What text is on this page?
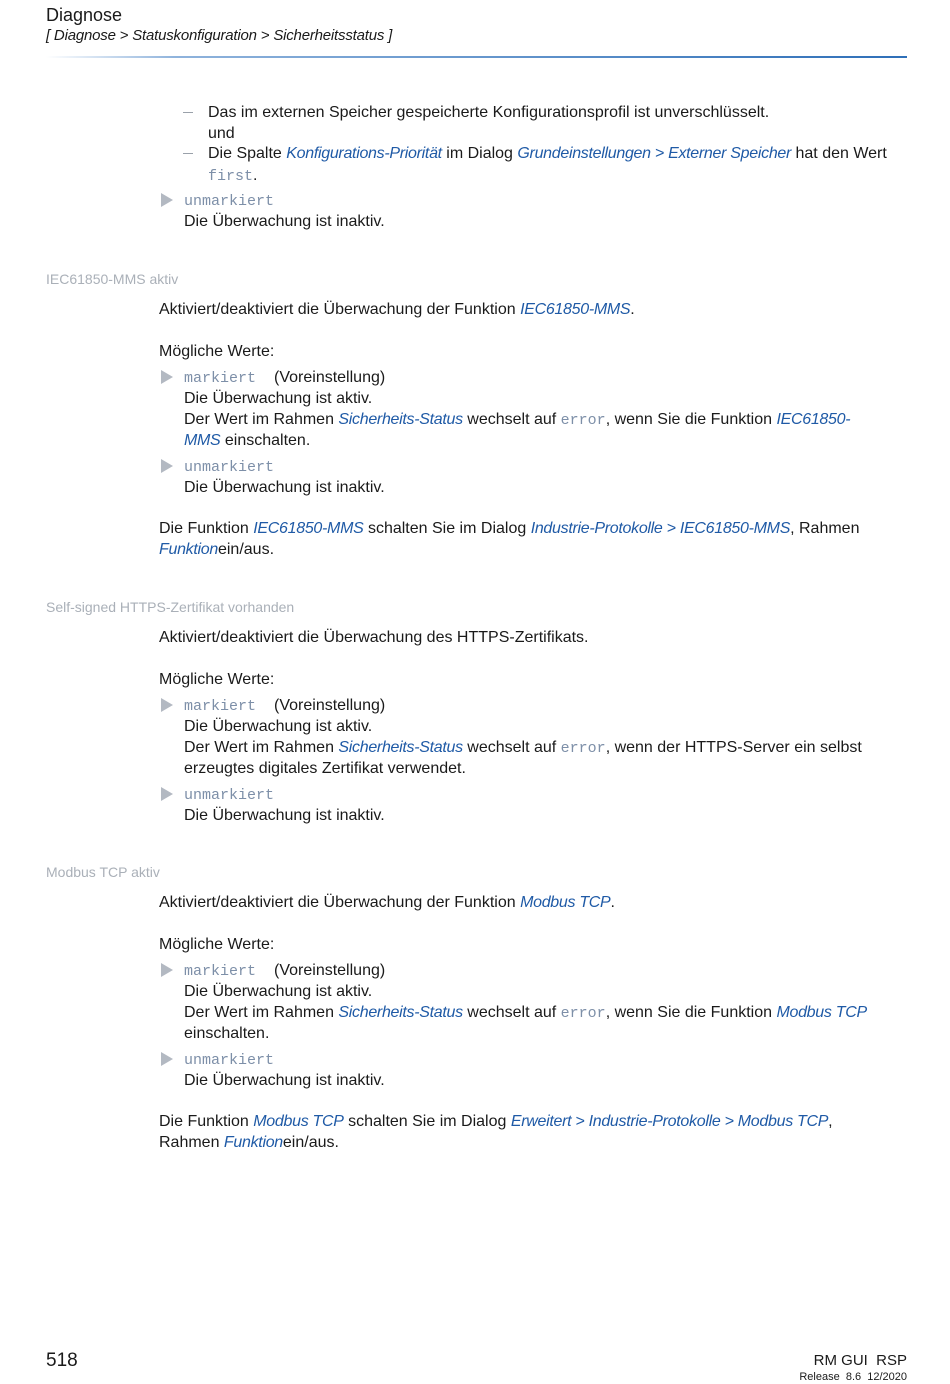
Diagnose
[ Diagnose > Statuskonfiguration > Sicherheitsstatus ]
Das im externen Speicher gespeicherte Konfigurationsprofil ist unverschlüsselt.
und
Die Spalte Konfigurations-Priorität im Dialog Grundeinstellungen > Externer Speicher hat den Wert
first.
unmarkiert
Die Überwachung ist inaktiv.
IEC61850-MMS aktiv
Aktiviert/deaktiviert die Überwachung der Funktion IEC61850-MMS.
Mögliche Werte:
markiert (Voreinstellung)
Die Überwachung ist aktiv.
Der Wert im Rahmen Sicherheits-Status wechselt auf error, wenn Sie die Funktion IEC61850-
MMS einschalten.
unmarkiert
Die Überwachung ist inaktiv.
Die Funktion IEC61850-MMS schalten Sie im Dialog Industrie-Protokolle > IEC61850-MMS, Rahmen
Funktionein/aus.
Self-signed HTTPS-Zertifikat vorhanden
Aktiviert/deaktiviert die Überwachung des HTTPS-Zertifikats.
Mögliche Werte:
markiert (Voreinstellung)
Die Überwachung ist aktiv.
Der Wert im Rahmen Sicherheits-Status wechselt auf error, wenn der HTTPS-Server ein selbst
erzeugtes digitales Zertifikat verwendet.
unmarkiert
Die Überwachung ist inaktiv.
Modbus TCP aktiv
Aktiviert/deaktiviert die Überwachung der Funktion Modbus TCP.
Mögliche Werte:
markiert (Voreinstellung)
Die Überwachung ist aktiv.
Der Wert im Rahmen Sicherheits-Status wechselt auf error, wenn Sie die Funktion Modbus TCP
einschalten.
unmarkiert
Die Überwachung ist inaktiv.
Die Funktion Modbus TCP schalten Sie im Dialog Erweitert > Industrie-Protokolle > Modbus TCP,
Rahmen Funktionein/aus.
518	RM GUI  RSP
Release  8.6  12/2020
